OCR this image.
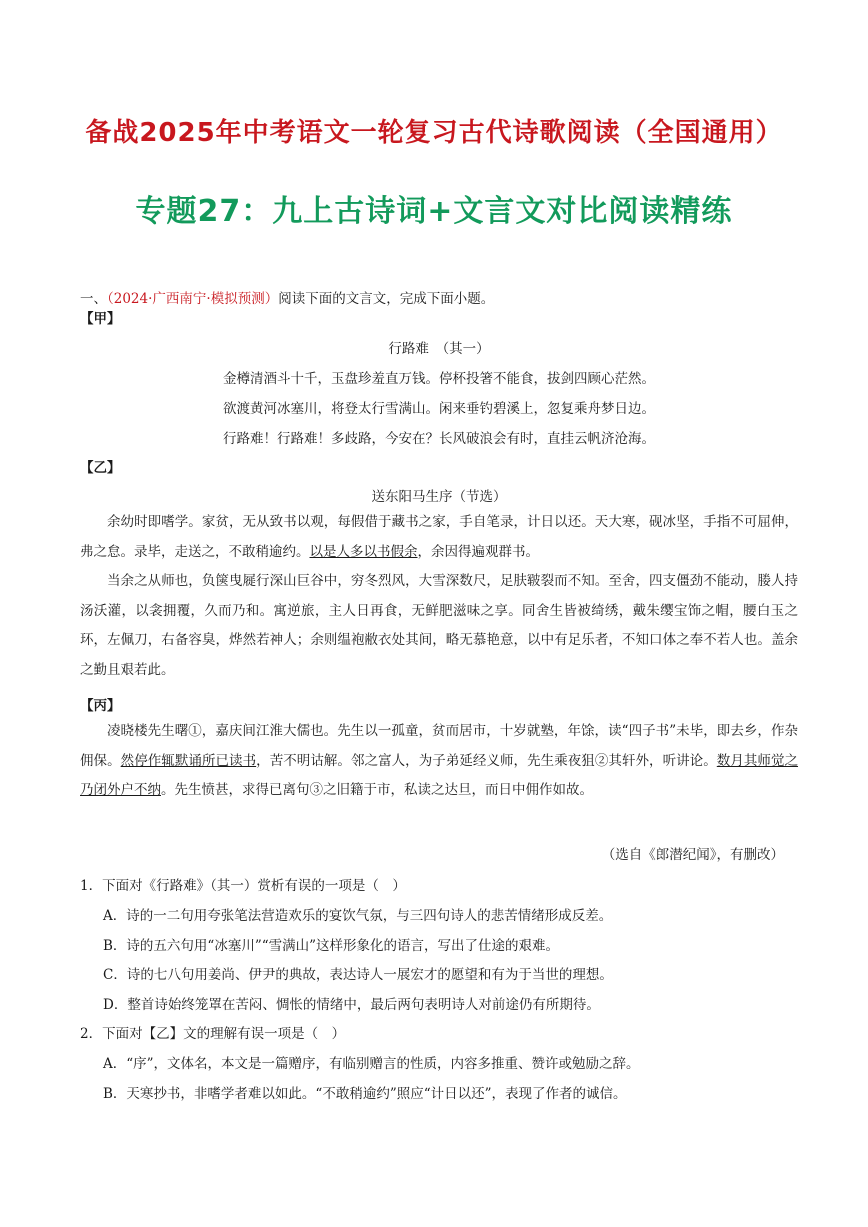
备战2025年中考语文一轮复习古代诗歌阅读（全国通用）
专题27：九上古诗词+文言文对比阅读精练
一、（2024·广西南宁·模拟预测）阅读下面的文言文，完成下面小题。
【甲】
行路难　（其一）
金樽清酒斗十千，玉盘珍羞直万钱。停杯投箸不能食，拔剑四顾心茫然。
欲渡黄河冰塞川，将登太行雪满山。闲来垂钓碧溪上，忽复乘舟梦日边。
行路难！行路难！多歧路，今安在？长风破浪会有时，直挂云帆济沧海。
【乙】
送东阳马生序（节选）

余幼时即嗜学。家贫，无从致书以观，每假借于藏书之家，手自笔录，计日以还。天大寒，砚冰坚，手指不可屈伸，弗之怠。录毕，走送之，不敢稍逾约。以是人多以书假余，余因得遍观群书。

当余之从师也，负箧曳屣行深山巨谷中，穷冬烈风，大雪深数尺，足肤皲裂而不知。至舍，四支僵劲不能动，媵人持汤沃灌，以衾拥覆，久而乃和。寓逆旅，主人日再食，无鲜肥滋味之享。同舍生皆被绮绣，戴朱缨宝饰之帽，腰白玉之环，左佩刀，右备容臭，烨然若神人；余则缊袍敝衣处其间，略无慕艳意，以中有足乐者，不知口体之奉不若人也。盖余之勤且艰若此。

【丙】

凌晓楼先生曙①，嘉庆间江淮大儒也。先生以一孤童，贫而居市，十岁就塾，年馀，读“四子书”未毕，即去乡，作杂佣保。然停作辄默诵所已读书，苦不明诂解。邻之富人，为子弟延经义师，先生乘夜狙②其轩外，听讲论。数月其师觉之乃闭外户不纳。先生愤甚，求得已离句③之旧籍于市，私读之达旦，而日中佣作如故。

（选自《郎潜纪闻》，有删改）
1．下面对《行路难》（其一）赏析有误的一项是（　）
A．诗的一二句用夸张笔法营造欢乐的宴饮气氛，与三四句诗人的悲苦情绪形成反差。
B．诗的五六句用“冰塞川”“雪满山”这样形象化的语言，写出了仕途的艰难。
C．诗的七八句用姜尚、伊尹的典故，表达诗人一展宏才的愿望和有为于当世的理想。
D．整首诗始终笼罩在苦闷、惆怅的情绪中，最后两句表明诗人对前途仍有所期待。
2．下面对【乙】文的理解有误一项是（　）
A．“序”，文体名，本文是一篇赠序，有临别赠言的性质，内容多推重、赞许或勉励之辞。
B．天寒抄书，非嗜学者难以如此。“不敢稍逾约”照应“计日以还”，表现了作者的诚信。
